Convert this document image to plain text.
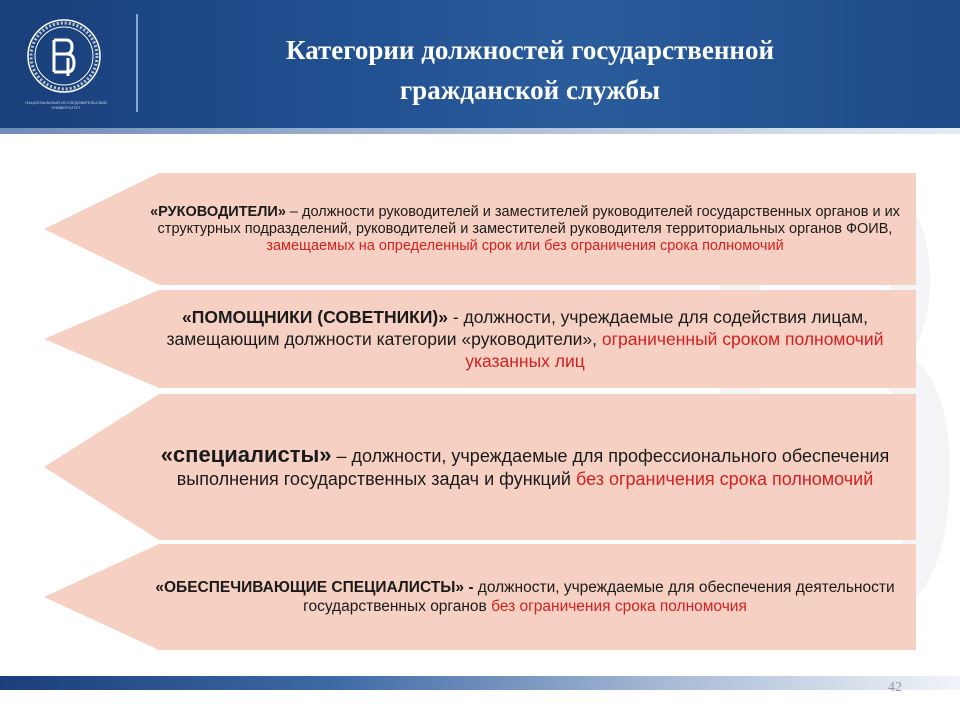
НАЦИОНАЛЬНЫЙ ИССЛЕДОВАТЕЛЬСКИЙ УНИВЕРСИТЕТ
Категории должностей государственной
гражданской службы

«РУКОВОДИТЕЛИ» – должности руководителей и заместителей руководителей государственных органов и их структурных подразделений, руководителей и заместителей руководителя территориальных органов ФОИВ, замещаемых на определенный срок или без ограничения срока полномочий

«ПОМОЩНИКИ (СОВЕТНИКИ)» - должности, учреждаемые для содействия лицам, замещающим должности категории «руководители», ограниченный сроком полномочий указанных лиц

«специалисты» – должности, учреждаемые для профессионального обеспечения выполнения государственных задач и функций без ограничения срока полномочий

«ОБЕСПЕЧИВАЮЩИЕ СПЕЦИАЛИСТЫ» - должности, учреждаемые для обеспечения деятельности государственных органов без ограничения срока полномочия

42
